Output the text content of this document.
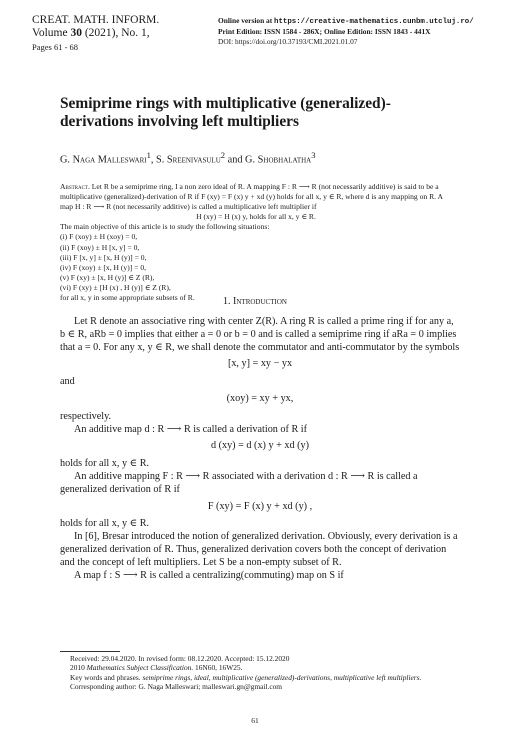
CREAT. MATH. INFORM.
Volume 30 (2021), No. 1,
Pages 61 - 68
Online version at https://creative-mathematics.cunbm.utcluj.ro/
Print Edition: ISSN 1584 - 286X; Online Edition: ISSN 1843 - 441X
DOI: https://doi.org/10.37193/CMI.2021.01.07
Semiprime rings with multiplicative (generalized)-derivations involving left multipliers
G. Naga Malleswari$^1$, S. Sreenivasulu$^2$ and G. Shobhalatha$^3$

Abstract. Let R be a semiprime ring, I a non zero ideal of R. A mapping F : R ⟶ R (not necessarily additive) is said to be a multiplicative (generalized)-derivation of R if F (xy) = F (x) y + xd (y) holds for all x, y ∈ R, where d is any mapping on R. A map H : R ⟶ R (not necessarily additive) is called a multiplicative left multiplier if

H (xy) = H (x) y, holds for all x, y ∈ R.

The main objective of this article is to study the following situations:

(i) F (xoy) ± H (xoy) = 0,
(ii) F (xoy) ± H [x, y] = 0,
(iii) F [x, y] ± [x, H (y)] = 0,
(iv) F (xoy) ± [x, H (y)] = 0,
(v) F (xy) ± [x, H (y)] ∈ Z (R),
(vi) F (xy) ± [H (x) , H (y)] ∈ Z (R),

for all x, y in some appropriate subsets of R.	1. Introduction

Let R denote an associative ring with center Z(R). A ring R is called a prime ring if for any a, b ∈ R, aRb = 0 implies that either a = 0 or b = 0 and is called a semiprime ring if aRa = 0 implies that a = 0. For any x, y ∈ R, we shall denote the commutator and anti-commutator by the symbols

[x, y] = xy − yx

and

(xoy) = xy + yx,

respectively.

An additive map d : R ⟶ R is called a derivation of R if

d (xy) = d (x) y + xd (y)

holds for all x, y ∈ R.

An additive mapping F : R ⟶ R associated with a derivation d : R ⟶ R is called a generalized derivation of R if

F (xy) = F (x) y + xd (y) ,

holds for all x, y ∈ R.

In [6], Bresar introduced the notion of generalized derivation. Obviously, every derivation is a generalized derivation of R. Thus, generalized derivation covers both the concept of derivation and the concept of left multipliers. Let S be a non-empty subset of R.

A map f : S ⟶ R is called a centralizing(commuting) map on S if

Received: 29.04.2020. In revised form: 08.12.2020. Accepted: 15.12.2020

2010 Mathematics Subject Classification. 16N60, 16W25.

Key words and phrases. semiprime rings, ideal, multiplicative (generalized)-derivations, multiplicative left multipliers.

Corresponding author: G. Naga Malleswari; malleswari.gn@gmail.com

61
